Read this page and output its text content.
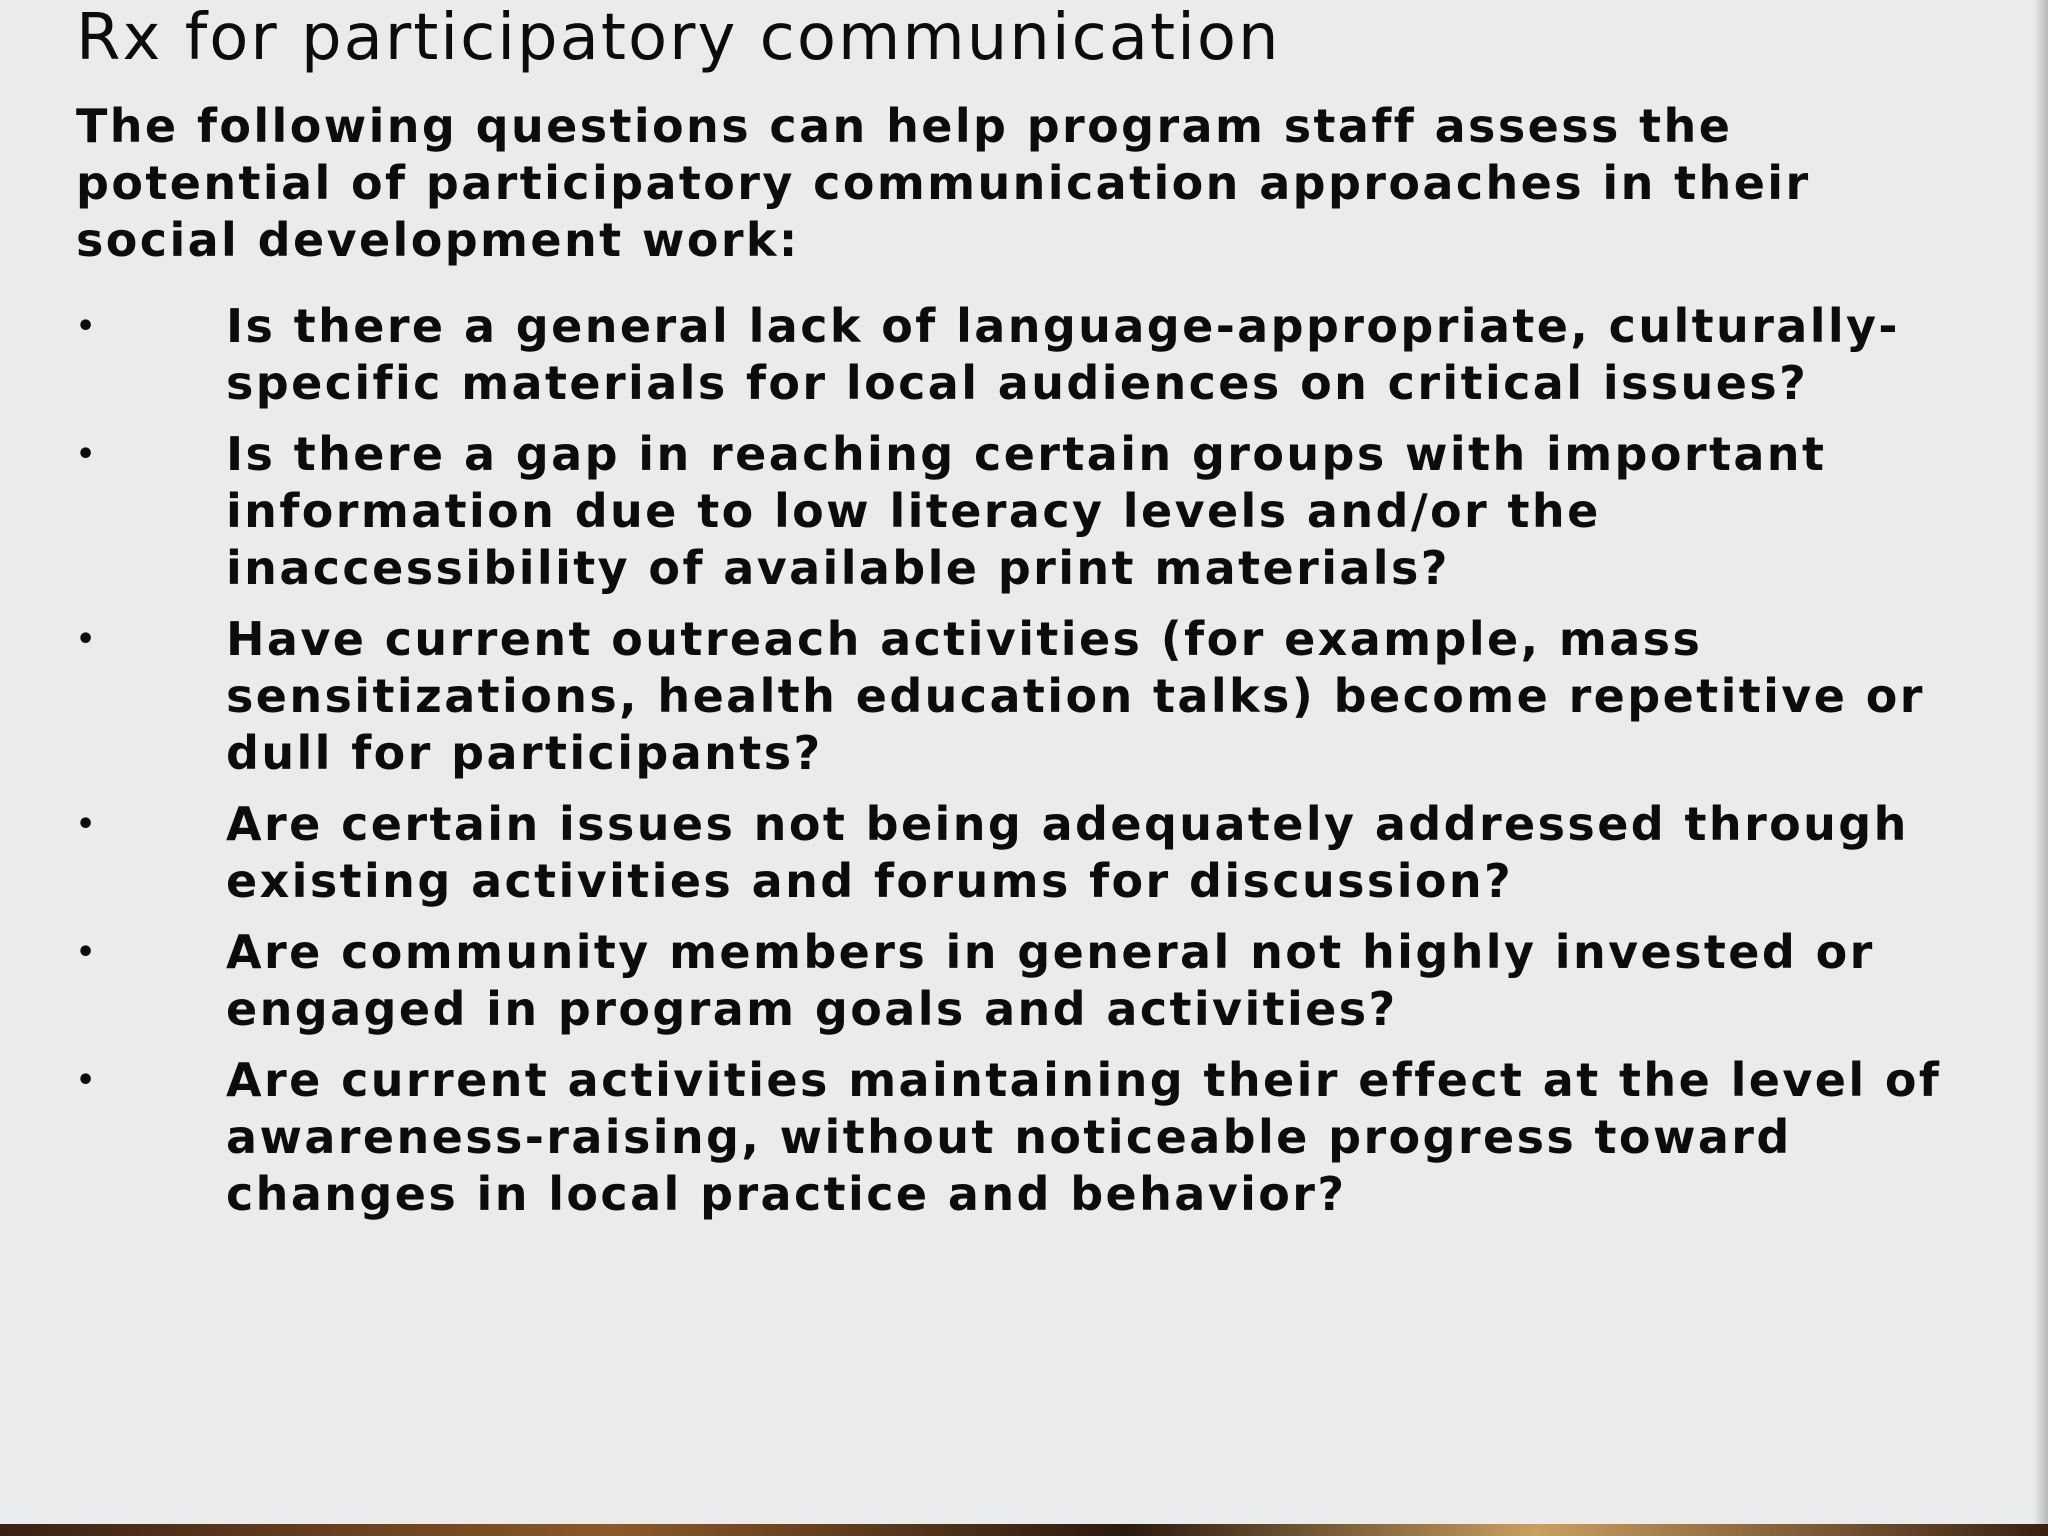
Rx for participatory communication

The following questions can help program staff assess the potential of participatory communication approaches in their social development work:

•	Is there a general lack of language-appropriate, culturally-specific materials for local audiences on critical issues?
•	Is there a gap in reaching certain groups with important information due to low literacy levels and/or the inaccessibility of available print materials?
•	Have current outreach activities (for example, mass sensitizations, health education talks) become repetitive or dull for participants?
•	Are certain issues not being adequately addressed through existing activities and forums for discussion?
•	Are community members in general not highly invested or engaged in program goals and activities?
•	Are current activities maintaining their effect at the level of awareness-raising, without noticeable progress toward changes in local practice and behavior?
